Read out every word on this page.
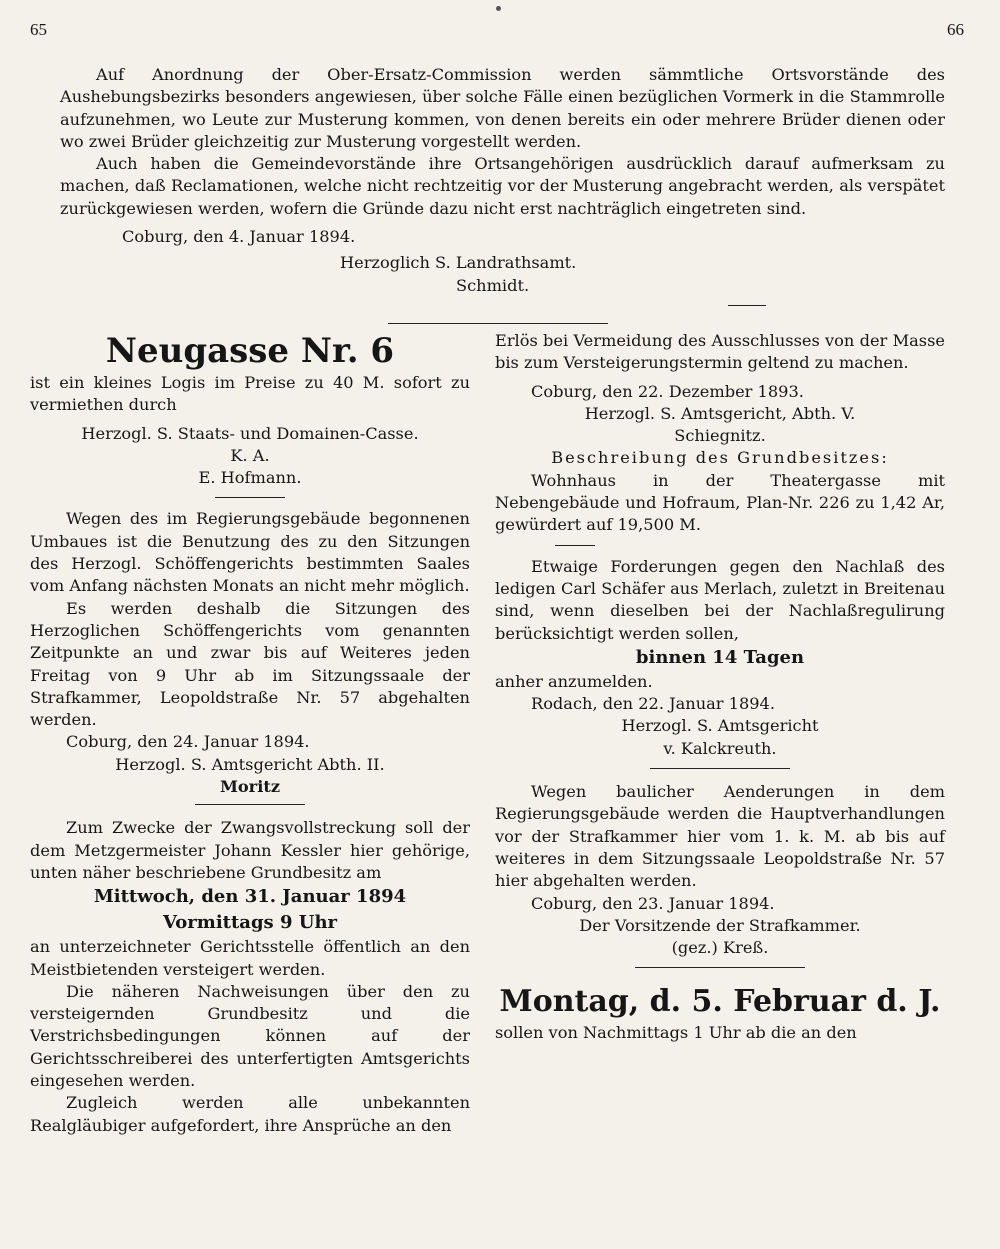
65	66

Auf Anordnung der Ober-Ersatz-Commission werden sämmtliche Ortsvorstände des Aushebungsbezirks besonders angewiesen, über solche Fälle einen bezüglichen Vormerk in die Stammrolle aufzunehmen, wo Leute zur Musterung kommen, von denen bereits ein oder mehrere Brüder dienen oder wo zwei Brüder gleichzeitig zur Musterung vorgestellt werden.

Auch haben die Gemeindevorstände ihre Ortsangehörigen ausdrücklich darauf aufmerksam zu machen, daß Reclamationen, welche nicht rechtzeitig vor der Musterung angebracht werden, als verspätet zurückgewiesen werden, wofern die Gründe dazu nicht erst nachträglich eingetreten sind.

Coburg, den 4. Januar 1894.

Herzoglich S. Landrathsamt.

Schmidt.

Neugasse Nr. 6

ist ein kleines Logis im Preise zu 40 M. sofort zu vermiethen durch

Herzogl. S. Staats- und Domainen-Casse.

K. A.

E. Hofmann.

Wegen des im Regierungsgebäude begonnenen Umbaues ist die Benutzung des zu den Sitzungen des Herzogl. Schöffengerichts bestimmten Saales vom Anfang nächsten Monats an nicht mehr möglich.

Es werden deshalb die Sitzungen des Herzoglichen Schöffengerichts vom genannten Zeitpunkte an und zwar bis auf Weiteres jeden Freitag von 9 Uhr ab im Sitzungssaale der Strafkammer, Leopoldstraße Nr. 57 abgehalten werden.

Coburg, den 24. Januar 1894.

Herzogl. S. Amtsgericht Abth. II.

Moritz

Zum Zwecke der Zwangsvollstreckung soll der dem Metzgermeister Johann Kessler hier gehörige, unten näher beschriebene Grundbesitz am

Mittwoch, den 31. Januar 1894
Vormittags 9 Uhr

an unterzeichneter Gerichtsstelle öffentlich an den Meistbietenden versteigert werden.

Die näheren Nachweisungen über den zu versteigernden Grundbesitz und die Verstrichsbedingungen können auf der Gerichtsschreiberei des unterfertigten Amtsgerichts eingesehen werden.

Zugleich werden alle unbekannten Realgläubiger aufgefordert, ihre Ansprüche an den

Erlös bei Vermeidung des Ausschlusses von der Masse bis zum Versteigerungstermin geltend zu machen.

Coburg, den 22. Dezember 1893.

Herzogl. S. Amtsgericht, Abth. V.

Schiegnitz.

Beschreibung des Grundbesitzes:

Wohnhaus in der Theatergasse mit Nebengebäude und Hofraum, Plan-Nr. 226 zu 1,42 Ar, gewürdert auf 19,500 M.

Etwaige Forderungen gegen den Nachlaß des ledigen Carl Schäfer aus Merlach, zuletzt in Breitenau sind, wenn dieselben bei der Nachlaßregulirung berücksichtigt werden sollen,

binnen 14 Tagen

anher anzumelden.

Rodach, den 22. Januar 1894.

Herzogl. S. Amtsgericht

v. Kalckreuth.

Wegen baulicher Aenderungen in dem Regierungsgebäude werden die Hauptverhandlungen vor der Strafkammer hier vom 1. k. M. ab bis auf weiteres in dem Sitzungssaale Leopoldstraße Nr. 57 hier abgehalten werden.

Coburg, den 23. Januar 1894.

Der Vorsitzende der Strafkammer.

(gez.) Kreß.

Montag, d. 5. Februar d. J.

sollen von Nachmittags 1 Uhr ab die an den
